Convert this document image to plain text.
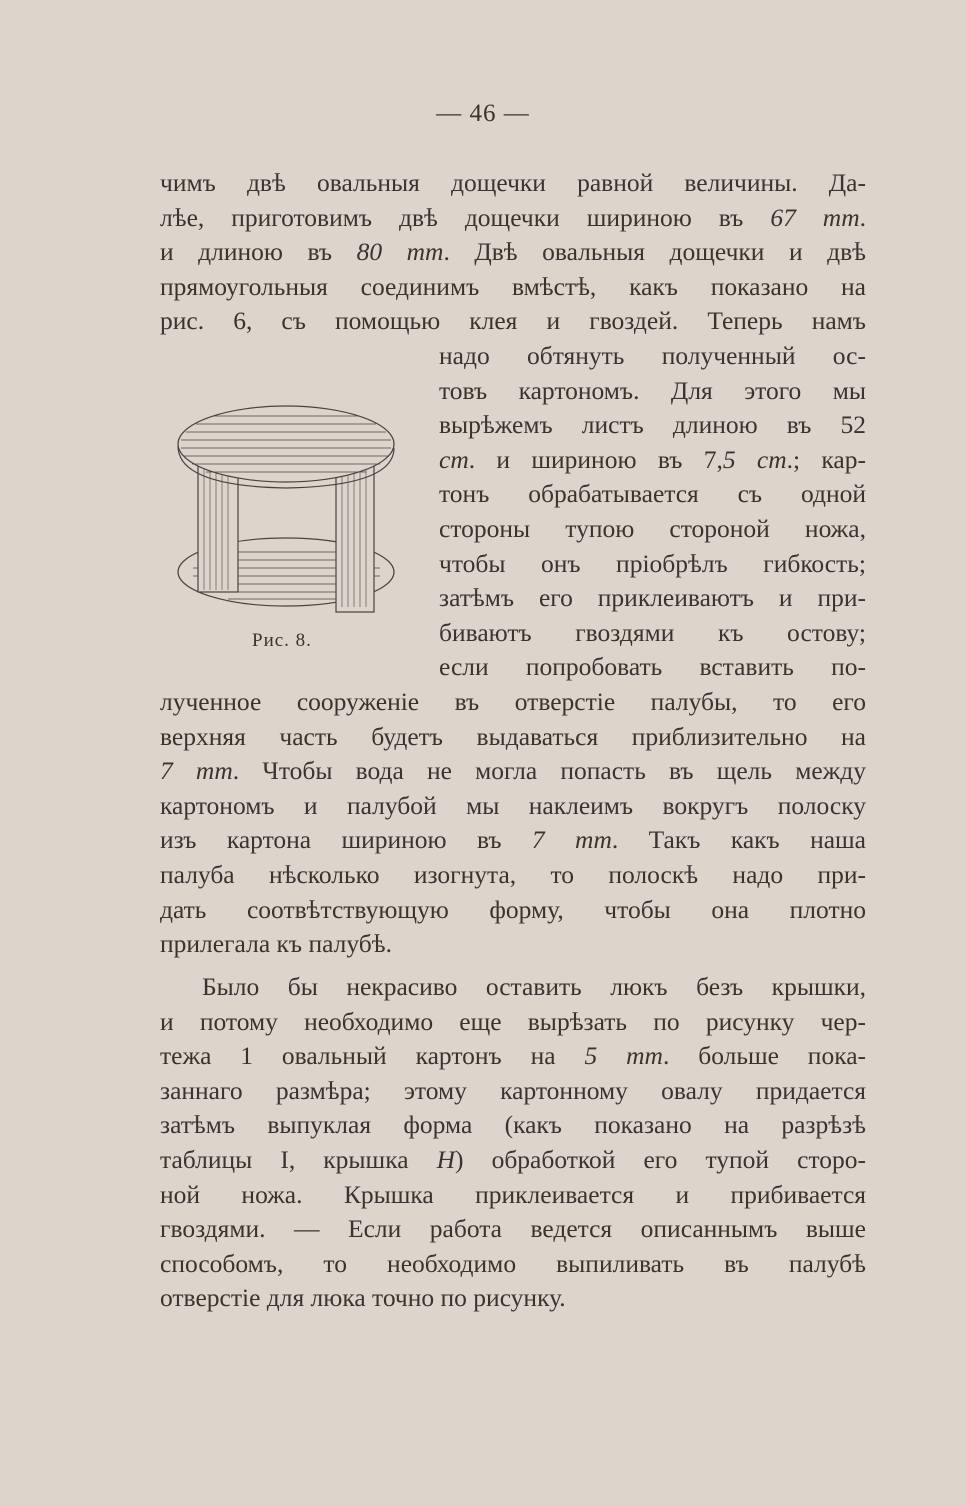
— 46 —
чимъ двѣ овальныя дощечки равной величины. Да-
лѣе, приготовимъ двѣ дощечки шириною въ 67 mm.
и длиною въ 80 mm. Двѣ овальныя дощечки и двѣ
прямоугольныя соединимъ вмѣстѣ, какъ показано на
рис. 6, съ помощью клея и гвоздей. Теперь намъ
надо обтянуть полученный ос-
товъ картономъ. Для этого мы
вырѣжемъ листъ длиною въ 52
cm. и шириною въ 7,5 cm.; кар-
тонъ обрабатывается съ одной
стороны тупою стороной ножа,
чтобы онъ пріобрѣлъ гибкость;
затѣмъ его приклеиваютъ и при-
биваютъ гвоздями къ остову;
если попробовать вставить по-
Рис. 8.
лученное сооруженіе въ отверстіе палубы, то его
верхняя часть будетъ выдаваться приблизительно на
7 mm. Чтобы вода не могла попасть въ щель между
картономъ и палубой мы наклеимъ вокругъ полоску
изъ картона шириною въ 7 mm. Такъ какъ наша
палуба нѣсколько изогнута, то полоскѣ надо при-
дать соотвѣтствующую форму, чтобы она плотно
прилегала къ палубѣ.
Было бы некрасиво оставить люкъ безъ крышки,
и потому необходимо еще вырѣзать по рисунку чер-
тежа 1 овальный картонъ на 5 mm. больше пока-
заннаго размѣра; этому картонному овалу придается
затѣмъ выпуклая форма (какъ показано на разрѣзѣ
таблицы I, крышка H) обработкой его тупой сторо-
ной ножа. Крышка приклеивается и прибивается
гвоздями. — Если работа ведется описаннымъ выше
способомъ, то необходимо выпиливать въ палубѣ
отверстіе для люка точно по рисунку.
